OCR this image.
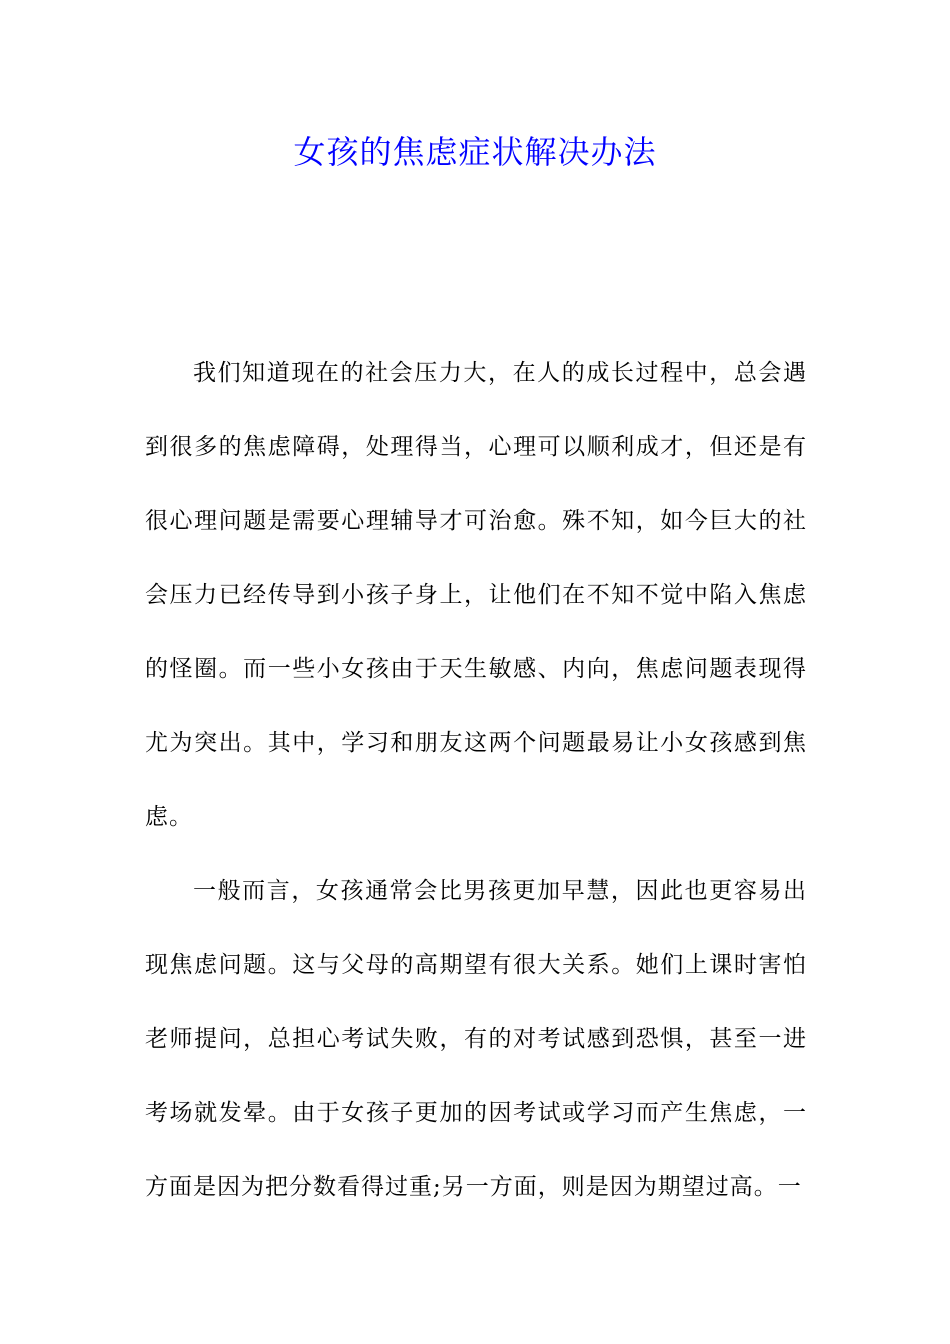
女孩的焦虑症状解决办法

我们知道现在的社会压力大，在人的成长过程中，总会遇到很多的焦虑障碍，处理得当，心理可以顺利成才，但还是有很心理问题是需要心理辅导才可治愈。殊不知，如今巨大的社会压力已经传导到小孩子身上，让他们在不知不觉中陷入焦虑的怪圈。而一些小女孩由于天生敏感、内向，焦虑问题表现得尤为突出。其中，学习和朋友这两个问题最易让小女孩感到焦虑。

一般而言，女孩通常会比男孩更加早慧，因此也更容易出现焦虑问题。这与父母的高期望有很大关系。她们上课时害怕老师提问，总担心考试失败，有的对考试感到恐惧，甚至一进考场就发晕。由于女孩子更加的因考试或学习而产生焦虑，一方面是因为把分数看得过重;另一方面，则是因为期望过高。一
